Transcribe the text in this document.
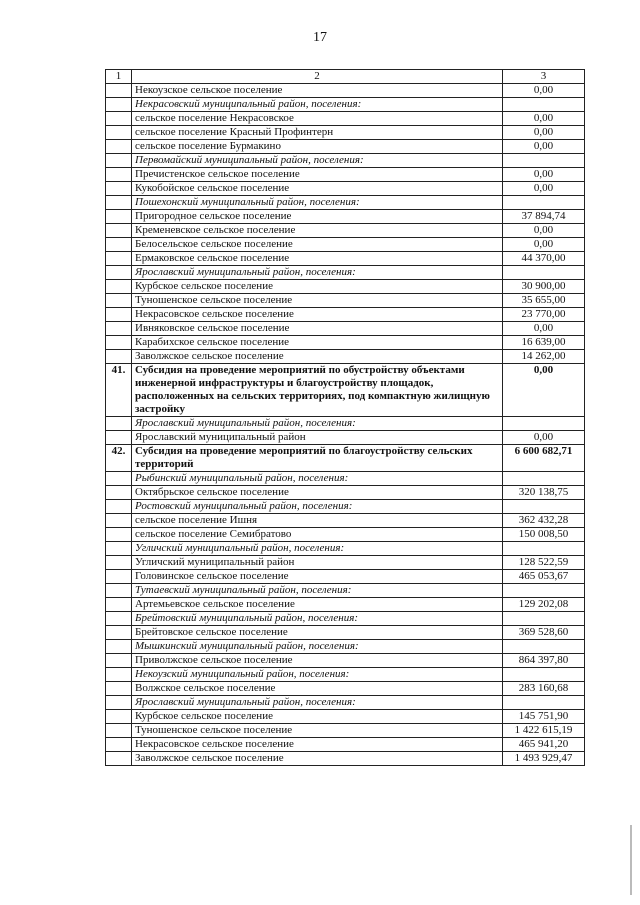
17
1	2	3
	Некоузское сельское поселение	0,00
	Некрасовский муниципальный район, поселения:	
	сельское поселение Некрасовское	0,00
	сельское поселение Красный Профинтерн	0,00
	сельское поселение Бурмакино	0,00
	Первомайский муниципальный район, поселения:	
	Пречистенское сельское поселение	0,00
	Кукобойское сельское поселение	0,00
	Пошехонский муниципальный район, поселения:	
	Пригородное сельское поселение	37 894,74
	Кременевское сельское поселение	0,00
	Белосельское сельское поселение	0,00
	Ермаковское сельское поселение	44 370,00
	Ярославский муниципальный район, поселения:	
	Курбское сельское поселение	30 900,00
	Туношенское сельское поселение	35 655,00
	Некрасовское сельское поселение	23 770,00
	Ивняковское сельское поселение	0,00
	Карабихское сельское поселение	16 639,00
	Заволжское сельское поселение	14 262,00
41.	Субсидия на проведение мероприятий по обустройству объектами инженерной инфраструктуры и благоустройству площадок, расположенных на сельских территориях, под компактную жилищную застройку	0,00
	Ярославский муниципальный район, поселения:	
	Ярославский муниципальный район	0,00
42.	Субсидия на проведение мероприятий по благоустройству сельских территорий	6 600 682,71
	Рыбинский муниципальный район, поселения:	
	Октябрьское сельское поселение	320 138,75
	Ростовский муниципальный район, поселения:	
	сельское поселение Ишня	362 432,28
	сельское поселение Семибратово	150 008,50
	Угличский муниципальный район, поселения:	
	Угличский муниципальный район	128 522,59
	Головинское сельское поселение	465 053,67
	Тутаевский муниципальный район, поселения:	
	Артемьевское сельское поселение	129 202,08
	Брейтовский муниципальный район, поселения:	
	Брейтовское сельское поселение	369 528,60
	Мышкинский муниципальный район, поселения:	
	Приволжское сельское поселение	864 397,80
	Некоузский муниципальный район, поселения:	
	Волжское сельское поселение	283 160,68
	Ярославский муниципальный район, поселения:	
	Курбское сельское поселение	145 751,90
	Туношенское сельское поселение	1 422 615,19
	Некрасовское сельское поселение	465 941,20
	Заволжское сельское поселение	1 493 929,47
